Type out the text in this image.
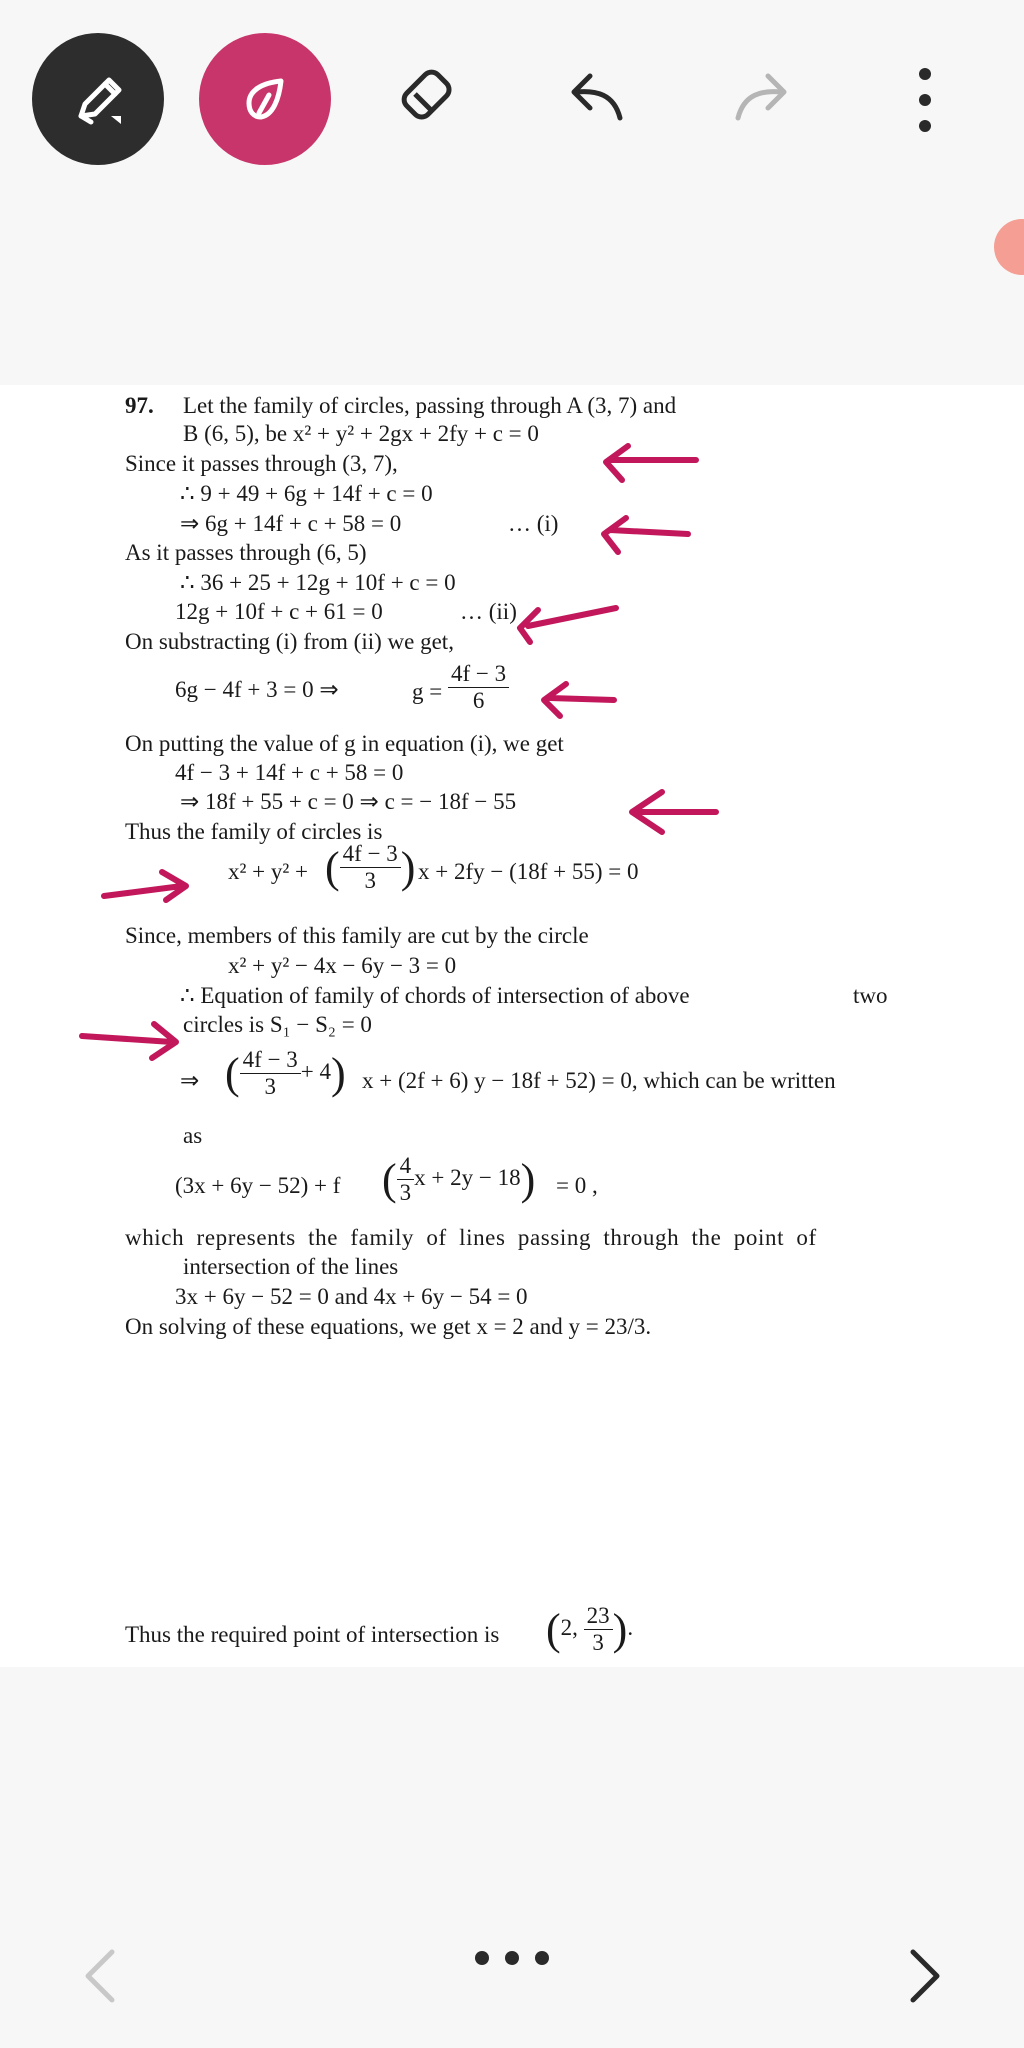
97. Let the family of circles, passing through A (3, 7) and
B (6, 5), be x² + y² + 2gx + 2fy + c = 0
Since it passes through (3, 7),
∴ 9 + 49 + 6g + 14f + c = 0
⇒ 6g + 14f + c + 58 = 0	… (i)
As it passes through (6, 5)
∴ 36 + 25 + 12g + 10f + c = 0
12g + 10f + c + 61 = 0	… (ii)
On substracting (i) from (ii) we get,
6g − 4f + 3 = 0 ⇒	$g = \frac{4f - 3}{6}$
On putting the value of g in equation (i), we get
4f − 3 + 14f + c + 58 = 0
⇒ 18f + 55 + c = 0 ⇒ c = − 18f − 55
Thus the family of circles is
x² + y² + ( $\frac{4f - 3}{3}$ ) x + 2fy − (18f + 55) = 0
Since, members of this family are cut by the circle
x² + y² − 4x − 6y − 3 = 0
∴ Equation of family of chords of intersection of above	two
circles is S₁ − S₂ = 0
⇒ ( $\frac{4f - 3}{3} + 4$) x + (2f + 6) y − 18f + 52) = 0, which can be written
as
(3x + 6y − 52) + f ( $\frac{4}{3}$ x + 2y − 18) = 0 ,
which represents the family of lines passing through the point of
intersection of the lines
3x + 6y − 52 = 0 and 4x + 6y − 54 = 0
On solving of these equations, we get x = 2 and y = 23/3.
Thus the required point of intersection is (2, $\frac{23}{3}$ ).
